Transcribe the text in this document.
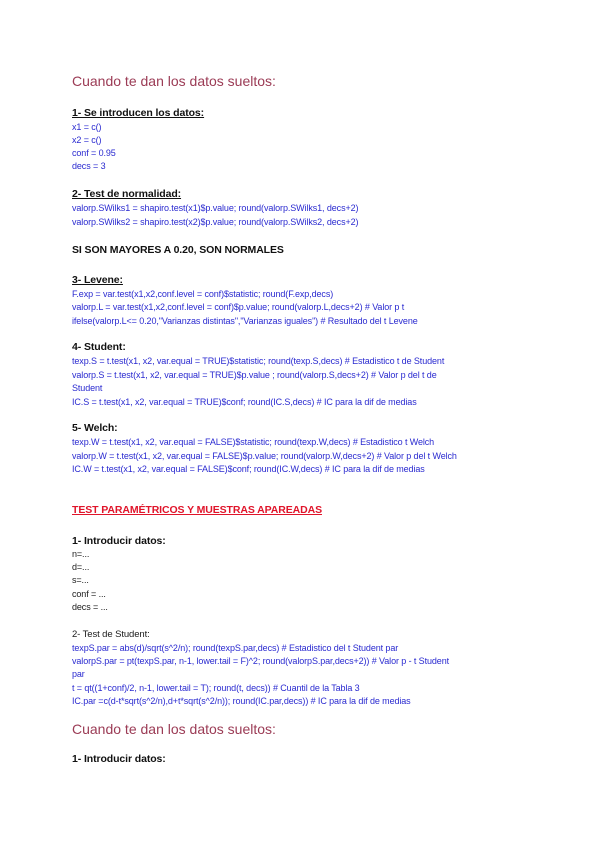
Cuando te dan los datos sueltos:
1- Se introducen los datos:
x1 = c()
x2 = c()
conf = 0.95
decs = 3
2- Test de normalidad:
valorp.SWilks1 = shapiro.test(x1)$p.value; round(valorp.SWilks1, decs+2)
valorp.SWilks2 = shapiro.test(x2)$p.value; round(valorp.SWilks2, decs+2)
SI SON MAYORES A 0.20, SON NORMALES
3- Levene:
F.exp = var.test(x1,x2,conf.level = conf)$statistic; round(F.exp,decs)
valorp.L = var.test(x1,x2,conf.level = conf)$p.value; round(valorp.L,decs+2) # Valor p t
ifelse(valorp.L<= 0.20,"Varianzas distintas","Varianzas iguales") # Resultado del t Levene
4- Student:
texp.S = t.test(x1, x2, var.equal = TRUE)$statistic; round(texp.S,decs) # Estadistico t de Student
valorp.S = t.test(x1, x2, var.equal = TRUE)$p.value ; round(valorp.S,decs+2) # Valor p del t de
Student
IC.S = t.test(x1, x2, var.equal = TRUE)$conf; round(IC.S,decs) # IC para la dif de medias
5- Welch:
texp.W = t.test(x1, x2, var.equal = FALSE)$statistic; round(texp.W,decs) # Estadistico t Welch
valorp.W = t.test(x1, x2, var.equal = FALSE)$p.value; round(valorp.W,decs+2) # Valor p del t Welch
IC.W = t.test(x1, x2, var.equal = FALSE)$conf; round(IC.W,decs) # IC para la dif de medias
TEST PARAMÉTRICOS Y MUESTRAS APAREADAS
1- Introducir datos:
n=...
d=...
s=...
conf = ...
decs = ...
2- Test de Student:
texpS.par = abs(d)/sqrt(s^2/n); round(texpS.par,decs) # Estadistico del t Student par
valorpS.par = pt(texpS.par, n-1, lower.tail = F)^2; round(valorpS.par,decs+2)) # Valor p - t Student
par
t = qt((1+conf)/2, n-1, lower.tail = T); round(t, decs)) # Cuantil de la Tabla 3
IC.par =c(d-t*sqrt(s^2/n),d+t*sqrt(s^2/n)); round(IC.par,decs)) # IC para la dif de medias
Cuando te dan los datos sueltos:
1- Introducir datos:
